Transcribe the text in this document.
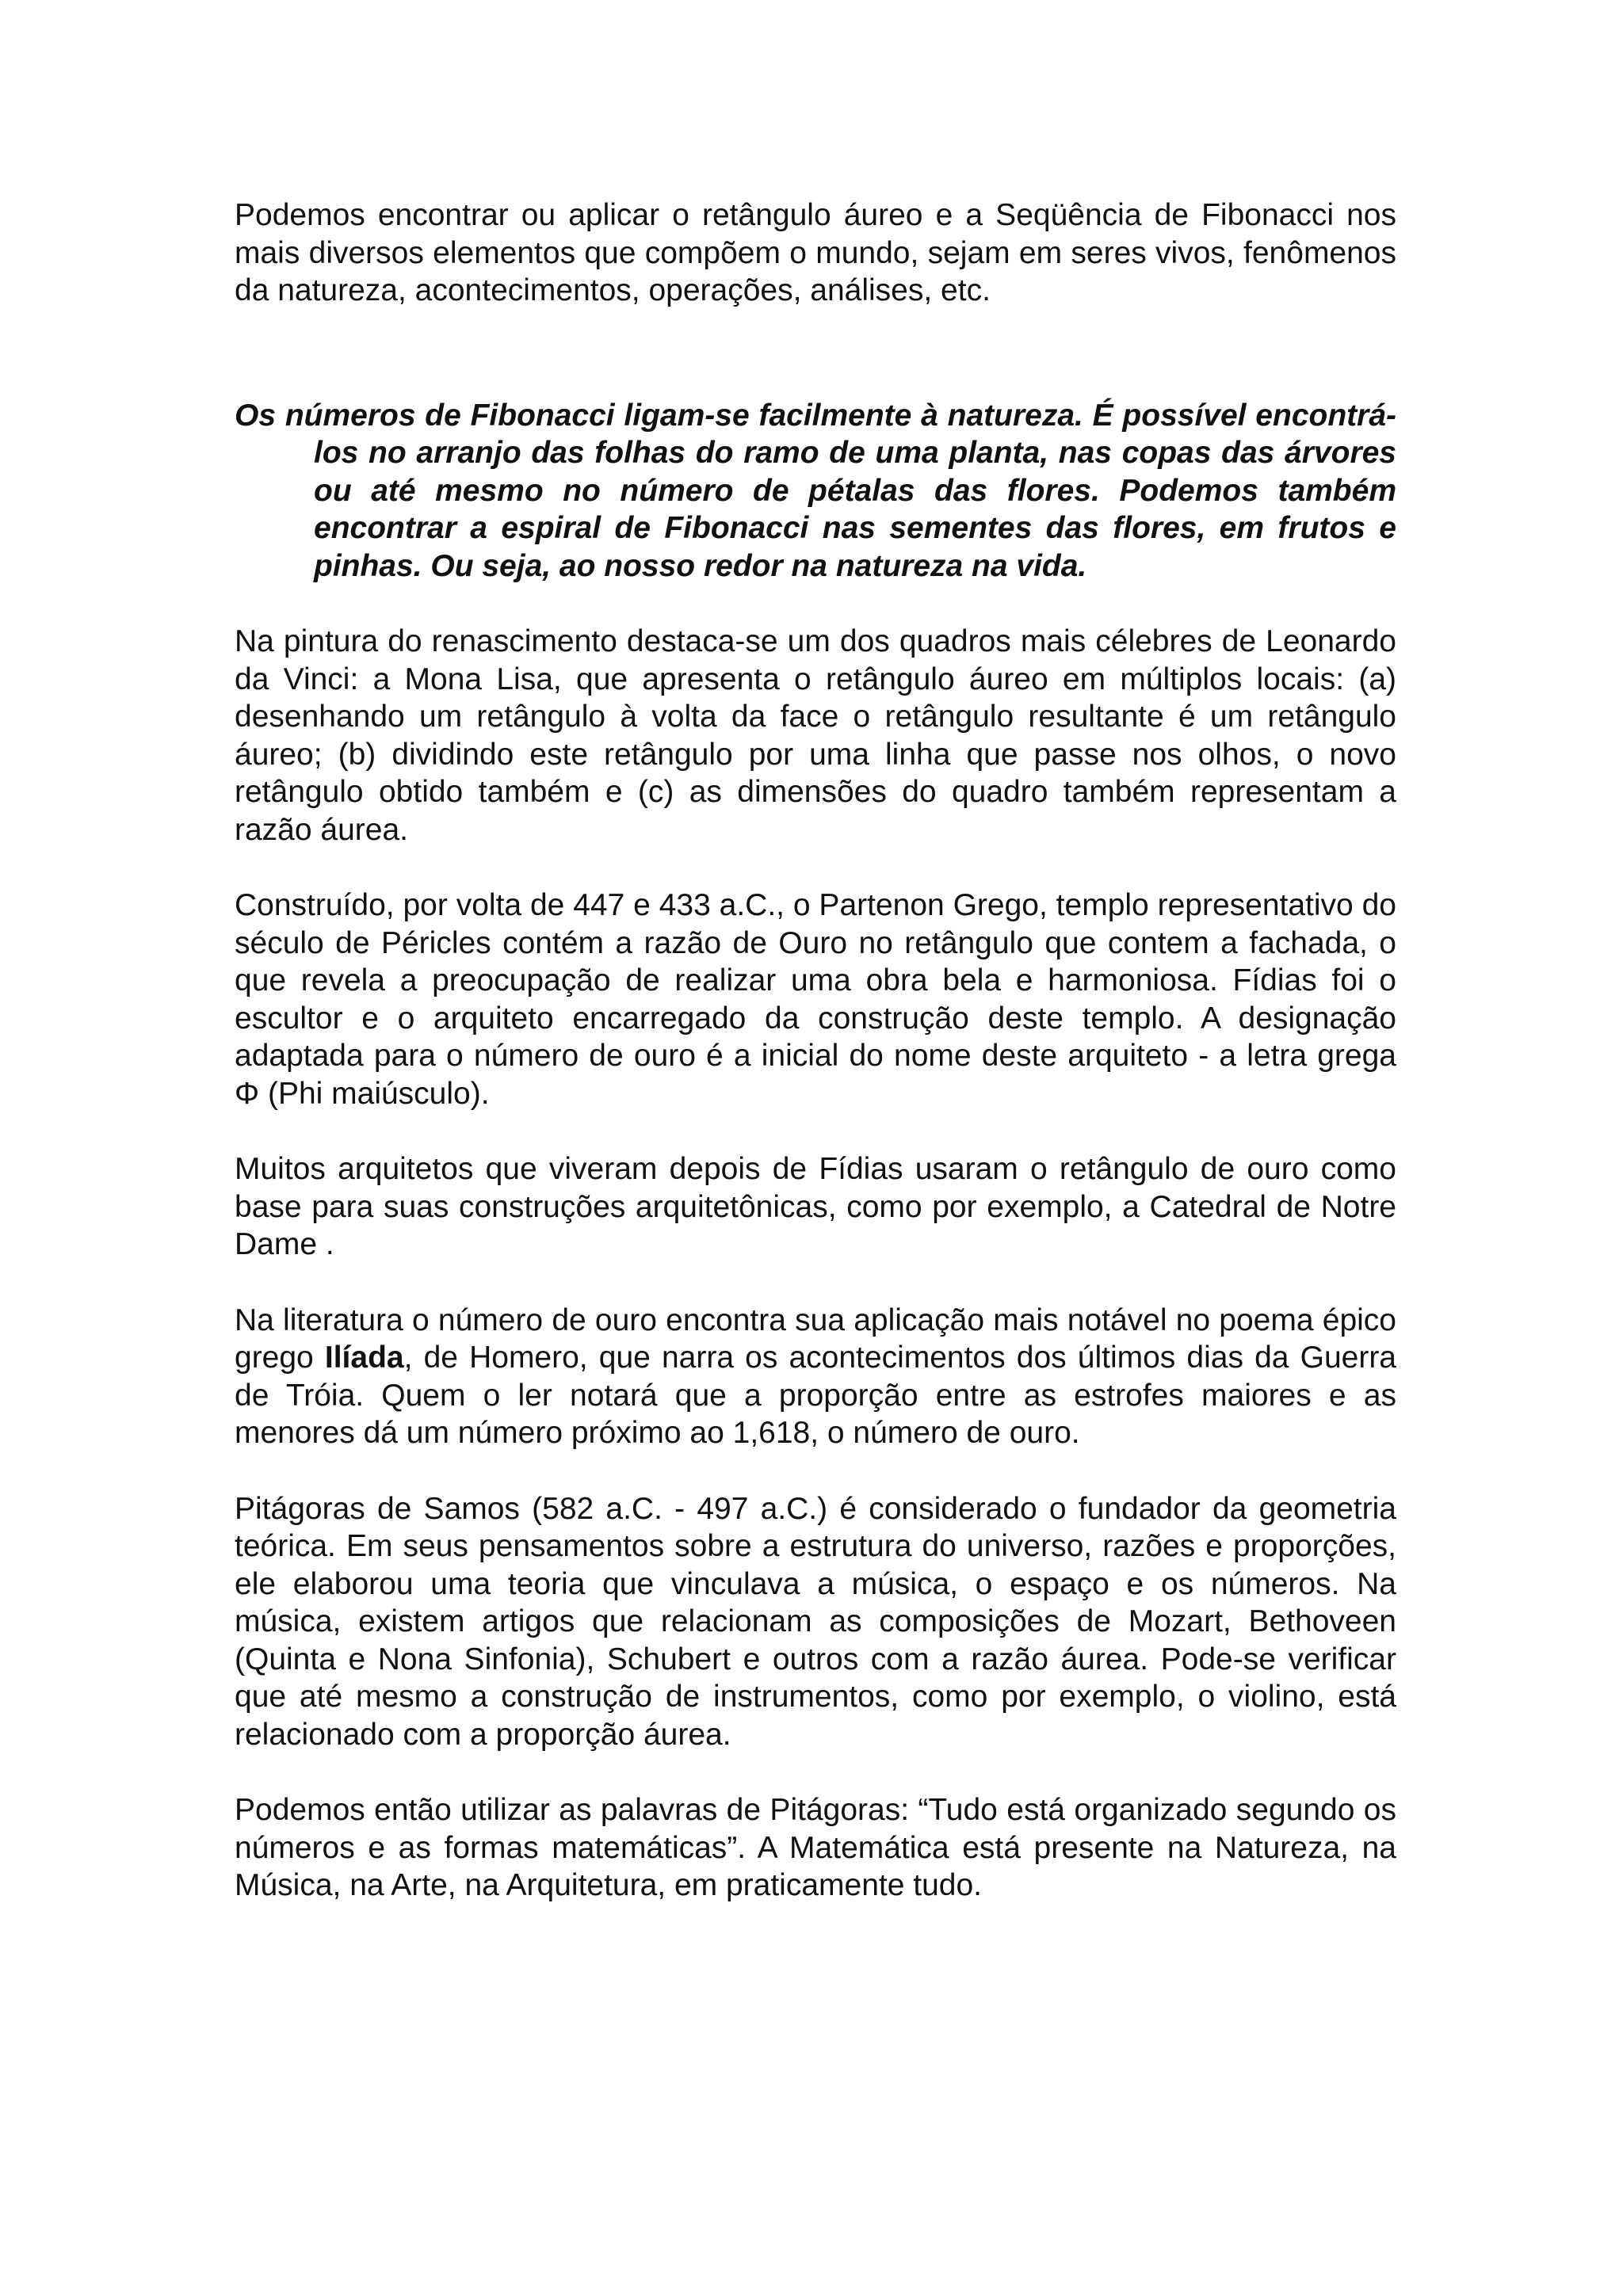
Podemos encontrar ou aplicar o retângulo áureo e a Seqüência de Fibonacci nos mais diversos elementos que compõem o mundo, sejam em seres vivos, fenômenos da natureza, acontecimentos, operações, análises, etc.

Os números de Fibonacci ligam-se facilmente à natureza. É possível encontrá-los no arranjo das folhas do ramo de uma planta, nas copas das árvores ou até mesmo no número de pétalas das flores. Podemos também encontrar a espiral de Fibonacci nas sementes das flores, em frutos e pinhas. Ou seja, ao nosso redor na natureza na vida.

Na pintura do renascimento destaca-se um dos quadros mais célebres de Leonardo da Vinci: a Mona Lisa, que apresenta o retângulo áureo em múltiplos locais: (a) desenhando um retângulo à volta da face o retângulo resultante é um retângulo áureo; (b) dividindo este retângulo por uma linha que passe nos olhos, o novo retângulo obtido também e (c) as dimensões do quadro também representam a razão áurea.

Construído, por volta de 447 e 433 a.C., o Partenon Grego, templo representativo do século de Péricles contém a razão de Ouro no retângulo que contem a fachada, o que revela a preocupação de realizar uma obra bela e harmoniosa. Fídias foi o escultor e o arquiteto encarregado da construção deste templo. A designação adaptada para o número de ouro é a inicial do nome deste arquiteto - a letra grega Φ (Phi maiúsculo).

Muitos arquitetos que viveram depois de Fídias usaram o retângulo de ouro como base para suas construções arquitetônicas, como por exemplo, a Catedral de Notre Dame .

Na literatura o número de ouro encontra sua aplicação mais notável no poema épico grego Ilíada, de Homero, que narra os acontecimentos dos últimos dias da Guerra de Tróia. Quem o ler notará que a proporção entre as estrofes maiores e as menores dá um número próximo ao 1,618, o número de ouro.

Pitágoras de Samos (582 a.C. - 497 a.C.) é considerado o fundador da geometria teórica. Em seus pensamentos sobre a estrutura do universo, razões e proporções, ele elaborou uma teoria que vinculava a música, o espaço e os números. Na música, existem artigos que relacionam as composições de Mozart, Bethoveen (Quinta e Nona Sinfonia), Schubert e outros com a razão áurea. Pode-se verificar que até mesmo a construção de instrumentos, como por exemplo, o violino, está relacionado com a proporção áurea.

Podemos então utilizar as palavras de Pitágoras: “Tudo está organizado segundo os números e as formas matemáticas”. A Matemática está presente na Natureza, na Música, na Arte, na Arquitetura, em praticamente tudo.
